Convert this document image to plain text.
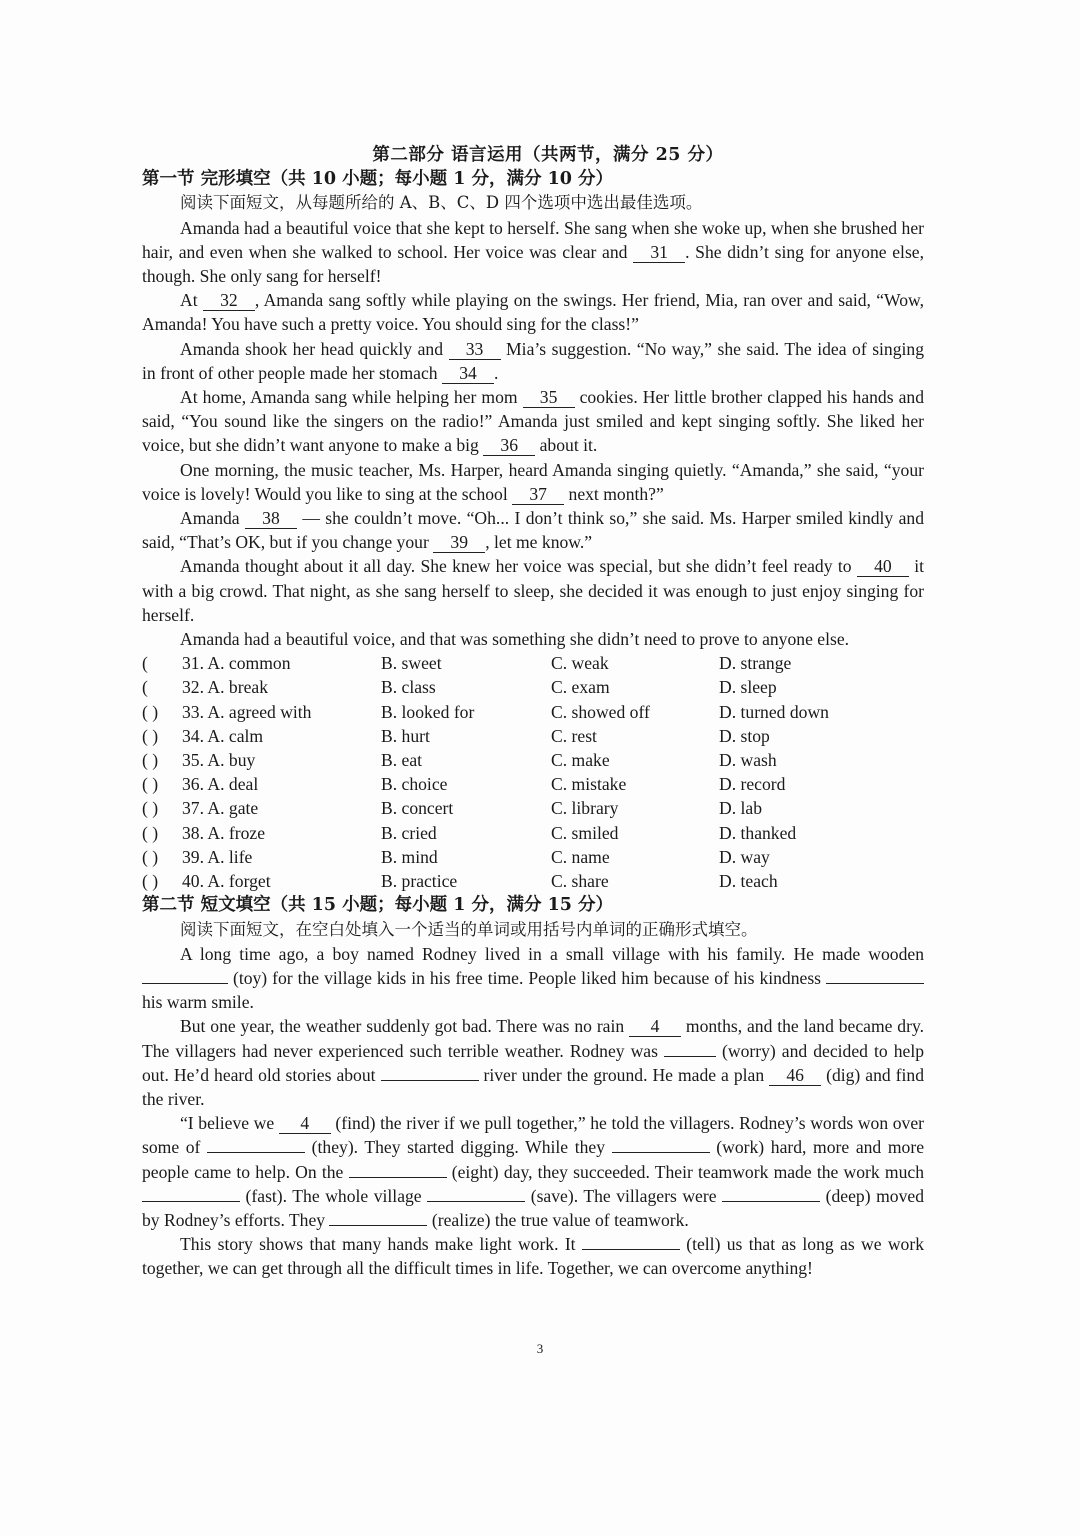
第二部分 语言运用（共两节，满分 25 分）
第一节 完形填空（共 10 小题；每小题 1 分，满分 10 分）
阅读下面短文，从每题所给的 A、B、C、D 四个选项中选出最佳选项。

Amanda had a beautiful voice that she kept to herself. She sang when she woke up, when she brushed her hair, and even when she walked to school. Her voice was clear and 31 . She didn’t sing for anyone else, though. She only sang for herself!

At 32 , Amanda sang softly while playing on the swings. Her friend, Mia, ran over and said, “Wow, Amanda! You have such a pretty voice. You should sing for the class!”

Amanda shook her head quickly and 33 Mia’s suggestion. “No way,” she said. The idea of singing in front of other people made her stomach 34 .

At home, Amanda sang while helping her mom 35 cookies. Her little brother clapped his hands and said, “You sound like the singers on the radio!” Amanda just smiled and kept singing softly. She liked her voice, but she didn’t want anyone to make a big 36 about it.

One morning, the music teacher, Ms. Harper, heard Amanda singing quietly. “Amanda,” she said, “your voice is lovely! Would you like to sing at the school 37 next month?”

Amanda 38 — she couldn’t move. “Oh... I don’t think so,” she said. Ms. Harper smiled kindly and said, “That’s OK, but if you change your 39 , let me know.”

Amanda thought about it all day. She knew her voice was special, but she didn’t feel ready to 40 it with a big crowd. That night, as she sang herself to sleep, she decided it was enough to just enjoy singing for herself.

Amanda had a beautiful voice, and that was something she didn’t need to prove to anyone else.

(	31. A. common	B. sweet	C. weak	D. strange
(	32. A. break	B. class	C. exam	D. sleep
( )	33. A. agreed with	B. looked for	C. showed off	D. turned down
( )	34. A. calm	B. hurt	C. rest	D. stop
( )	35. A. buy	B. eat	C. make	D. wash
( )	36. A. deal	B. choice	C. mistake	D. record
( )	37. A. gate	B. concert	C. library	D. lab
( )	38. A. froze	B. cried	C. smiled	D. thanked
( )	39. A. life	B. mind	C. name	D. way
( )	40. A. forget	B. practice	C. share	D. teach
第二节 短文填空（共 15 小题；每小题 1 分，满分 15 分）
阅读下面短文，在空白处填入一个适当的单词或用括号内单词的正确形式填空。

A long time ago, a boy named Rodney lived in a small village with his family. He made wooden  (toy) for the village kids in his free time. People liked him because of his kindness  his warm smile.

But one year, the weather suddenly got bad. There was no rain 4 months, and the land became dry. The villagers had never experienced such terrible weather. Rodney was	(worry) and decided to help out. He’d heard old stories about	river under the ground. He made a plan 46 (dig) and find the river.

“I believe we 4 (find) the river if we pull together,” he told the villagers. Rodney’s words won over some of	(they). They started digging. While they	(work) hard, more and more people came to help. On the	(eight) day, they succeeded. Their teamwork made the work much  (fast). The whole village	(save). The villagers were	(deep) moved by Rodney’s efforts. They	(realize) the true value of teamwork.

This story shows that many hands make light work. It	(tell) us that as long as we work together, we can get through all the difficult times in life. Together, we can overcome anything!

3
